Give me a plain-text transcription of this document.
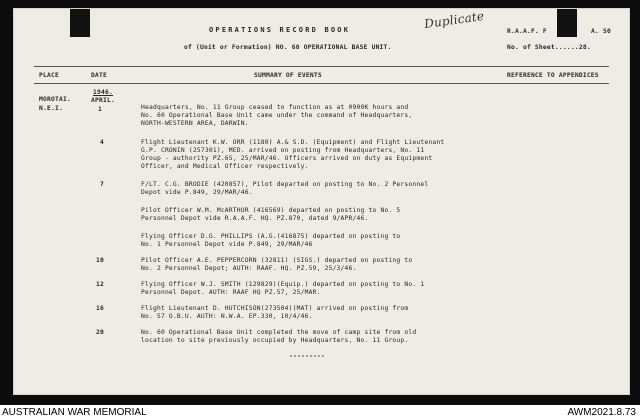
OPERATIONS RECORD BOOK	Duplicate
R.A.A.F. F	A. 50
of (Unit or Formation) NO. 60 OPERATIONAL BASE UNIT.	No. of Sheet......28.
PLACE	DATE	SUMMARY OF EVENTS	REFERENCE TO APPENDICES
MOROTAI.
N.E.I.
1946.
APRIL.
1	Headquarters, No. 11 Group ceased to function as at 0900K hours and
No. 60 Operational Base Unit came under the command of Headquarters,
NORTH-WESTERN AREA, DARWIN.
4	Flight Lieutenant K.W. ORR (1180) A.& S.D. (Equipment) and Flight Lieutenant
G.P. CRONIN (257301), MED. arrived on posting from Headquarters, No. 11
Group - authority PZ.65, 25/MAR/46. Officers arrived on duty as Equipment
Officer, and Medical Officer respectively.
7	F/LT. C.G. BRODIE (420857), Pilot departed on posting to No. 2 Personnel
Depot vide P.849, 29/MAR/46.
Pilot Officer W.M. McARTHUR (416569) departed on posting to No. 5
Personnel Depot vide R.A.A.F. HQ. PZ.870, dated 9/APR/46.
Flying Officer D.G. PHILLIPS (A.G.(416875) departed on posting to
No. 1 Personnel Depot vide P.849, 29/MAR/46
10	Pilot Officer A.E. PEPPERCORN (32811) (SIGS.) departed on posting to
No. 2 Personnel Depot; AUTH: RAAF. HQ. PZ.59, 25/3/46.
12	Flying Officer W.J. SMITH (129829)(Equip.) departed on posting to No. 1
Personnel Depot. AUTH: RAAF HQ PZ.57, 25/MAR.
16	Flight Lieutenant D. HUTCHISON(273504)(MAT) arrived on posting from
No. 57 O.B.U. AUTH: N.W.A. EP.330, 10/4/46.
20	No. 60 Operational Base Unit completed the move of camp site from old
location to site previously occupied by Headquarters, No. 11 Group.
---------
AUSTRALIAN WAR MEMORIAL	AWM2021.8.73
